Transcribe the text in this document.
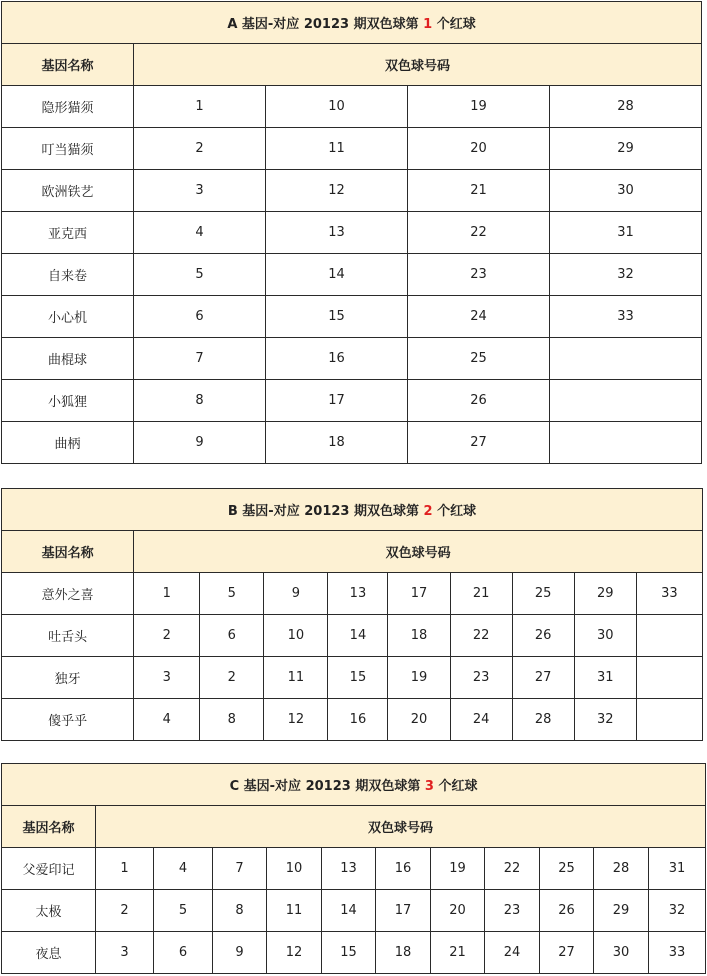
A 基因-对应 20123 期双色球第 1 个红球				
基因名称	双色球号码			
隐形猫须	1	10	19	28
叮当猫须	2	11	20	29
欧洲铁艺	3	12	21	30
亚克西	4	13	22	31
自来卷	5	14	23	32
小心机	6	15	24	33
曲棍球	7	16	25	
小狐狸	8	17	26	
曲柄	9	18	27	
B 基因-对应 20123 期双色球第 2 个红球									
基因名称	双色球号码								
意外之喜	1	5	9	13	17	21	25	29	33
吐舌头	2	6	10	14	18	22	26	30	
独牙	3	2	11	15	19	23	27	31	
傻乎乎	4	8	12	16	20	24	28	32	
C 基因-对应 20123 期双色球第 3 个红球											
基因名称	双色球号码										
父爱印记	1	4	7	10	13	16	19	22	25	28	31
太极	2	5	8	11	14	17	20	23	26	29	32
夜息	3	6	9	12	15	18	21	24	27	30	33
